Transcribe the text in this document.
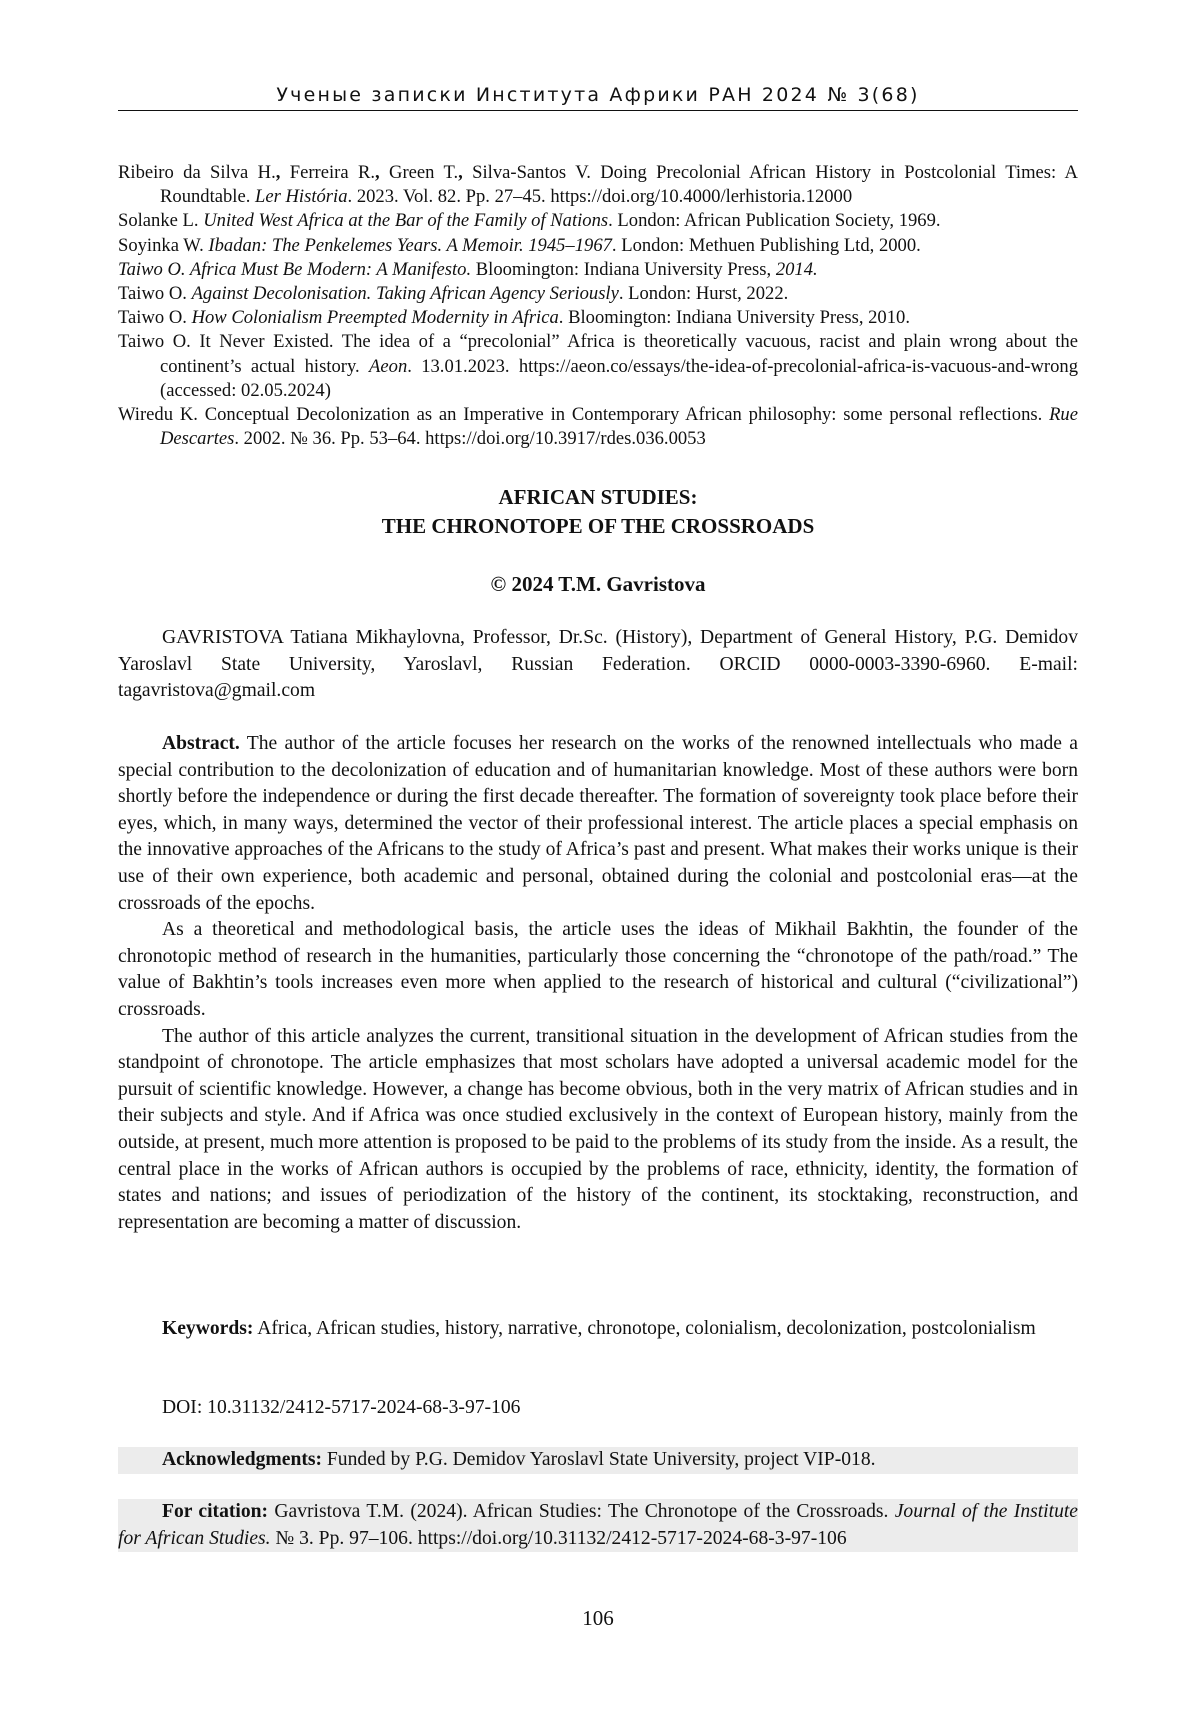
Ученые записки Института Африки РАН 2024 № 3(68)

Ribeiro da Silva H., Ferreira R., Green T., Silva-Santos V. Doing Precolonial African History in Postcolonial Times: A Roundtable. Ler História. 2023. Vol. 82. Pp. 27–45. https://doi.org/10.4000/lerhistoria.12000

Solanke L. United West Africa at the Bar of the Family of Nations. London: African Publication Society, 1969.

Soyinka W. Ibadan: The Penkelemes Years. A Memoir. 1945–1967. London: Methuen Publishing Ltd, 2000.

Taiwo O. Africa Must Be Modern: A Manifesto. Bloomington: Indiana University Press, 2014.

Taiwo O. Against Decolonisation. Taking African Agency Seriously. London: Hurst, 2022.

Taiwo O. How Colonialism Preempted Modernity in Africa. Bloomington: Indiana University Press, 2010.

Taiwo O. It Never Existed. The idea of a “precolonial” Africa is theoretically vacuous, racist and plain wrong about the continent’s actual history. Aeon. 13.01.2023. https://aeon.co/essays/the-idea-of-precolonial-africa-is-vacuous-and-wrong (accessed: 02.05.2024)

Wiredu K. Conceptual Decolonization as an Imperative in Contemporary African philosophy: some personal reflections. Rue Descartes. 2002. № 36. Pp. 53–64. https://doi.org/10.3917/rdes.036.0053

AFRICAN STUDIES:
THE CHRONOTOPE OF THE CROSSROADS
© 2024 T.M. Gavristova

GAVRISTOVA Tatiana Mikhaylovna, Professor, Dr.Sc. (History), Department of General History, P.G. Demidov Yaroslavl State University, Yaroslavl, Russian Federation. ORCID 0000-0003-3390-6960. E-mail: tagavristova@gmail.com

Abstract. The author of the article focuses her research on the works of the renowned intellectuals who made a special contribution to the decolonization of education and of humanitarian knowledge. Most of these authors were born shortly before the independence or during the first decade thereafter. The formation of sovereignty took place before their eyes, which, in many ways, determined the vector of their professional interest. The article places a special emphasis on the innovative approaches of the Africans to the study of Africa’s past and present. What makes their works unique is their use of their own experience, both academic and personal, obtained during the colonial and postcolonial eras—at the crossroads of the epochs.

As a theoretical and methodological basis, the article uses the ideas of Mikhail Bakhtin, the founder of the chronotopic method of research in the humanities, particularly those concerning the “chronotope of the path/road.” The value of Bakhtin’s tools increases even more when applied to the research of historical and cultural (“civilizational”) crossroads.

The author of this article analyzes the current, transitional situation in the development of African studies from the standpoint of chronotope. The article emphasizes that most scholars have adopted a universal academic model for the pursuit of scientific knowledge. However, a change has become obvious, both in the very matrix of African studies and in their subjects and style. And if Africa was once studied exclusively in the context of European history, mainly from the outside, at present, much more attention is proposed to be paid to the problems of its study from the inside. As a result, the central place in the works of African authors is occupied by the problems of race, ethnicity, identity, the formation of states and nations; and issues of periodization of the history of the continent, its stocktaking, reconstruction, and representation are becoming a matter of discussion.

Keywords: Africa, African studies, history, narrative, chronotope, colonialism, decolonization, postcolonialism

DOI: 10.31132/2412-5717-2024-68-3-97-106

Acknowledgments: Funded by P.G. Demidov Yaroslavl State University, project VIP-018.

For citation: Gavristova T.M. (2024). African Studies: The Chronotope of the Crossroads. Journal of the Institute for African Studies. № 3. Pp. 97–106. https://doi.org/10.31132/2412-5717-2024-68-3-97-106

106
